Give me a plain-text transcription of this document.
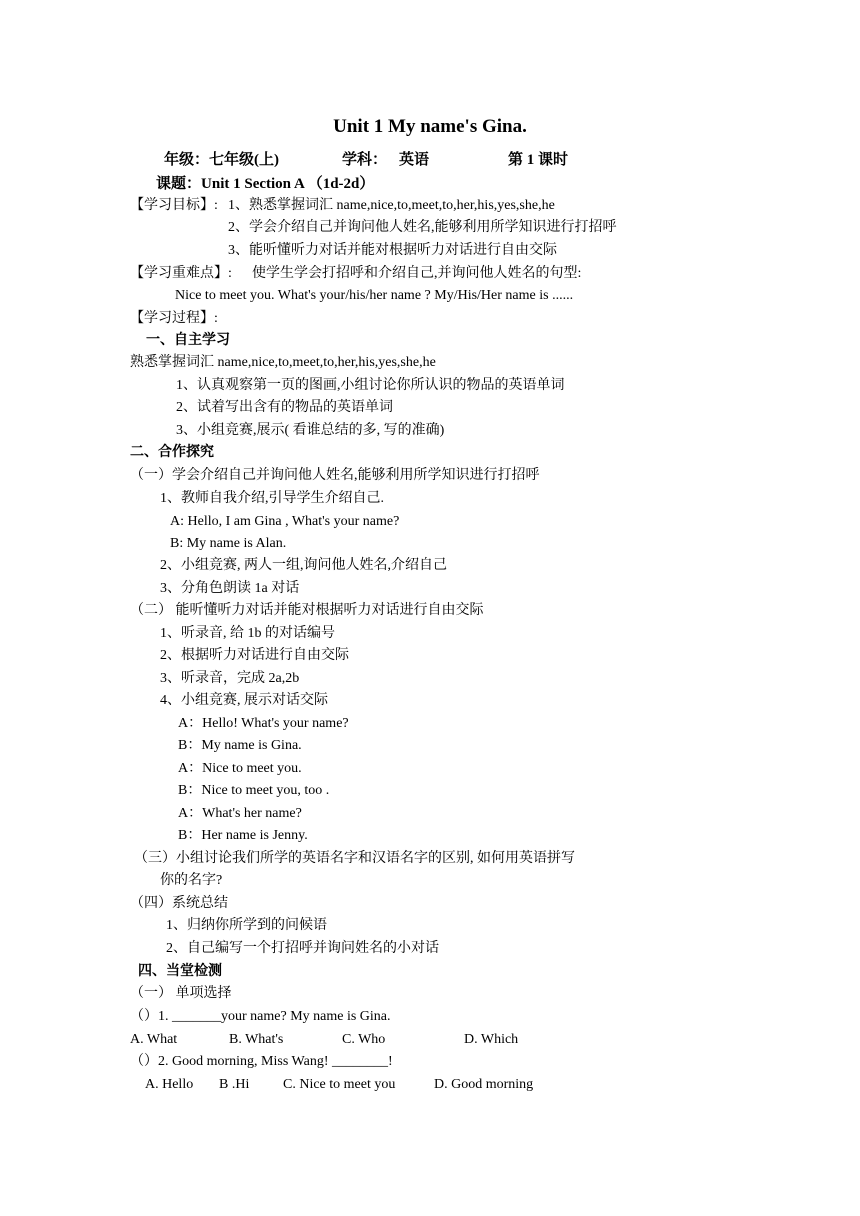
Unit 1 My name's Gina.
年级：七年级(上)	学科： 英语	第 1 课时
课题：Unit 1 Section A （1d-2d）
【学习目标】: 1、熟悉掌握词汇 name,nice,to,meet,to,her,his,yes,she,he
2、学会介绍自己并询问他人姓名,能够利用所学知识进行打招呼
3、能听懂听力对话并能对根据听力对话进行自由交际
【学习重难点】: 使学生学会打招呼和介绍自己,并询问他人姓名的句型:
Nice to meet you. What's your/his/her name ? My/His/Her name is ......
【学习过程】:
一、自主学习
熟悉掌握词汇 name,nice,to,meet,to,her,his,yes,she,he
1、认真观察第一页的图画,小组讨论你所认识的物品的英语单词
2、试着写出含有的物品的英语单词
3、小组竞赛,展示( 看谁总结的多, 写的准确)
二、合作探究
（一）学会介绍自己并询问他人姓名,能够利用所学知识进行打招呼
1、教师自我介绍,引导学生介绍自己.
A: Hello, I am Gina , What's your name?
B: My name is Alan.
2、小组竞赛, 两人一组,询问他人姓名,介绍自己
3、分角色朗读 1a 对话
（二） 能听懂听力对话并能对根据听力对话进行自由交际
1、听录音, 给 1b 的对话编号
2、根据听力对话进行自由交际
3、听录音，完成 2a,2b
4、小组竞赛, 展示对话交际
A：Hello! What's your name?
B：My name is Gina.
A：Nice to meet you.
B：Nice to meet you, too .
A：What's her name?
B：Her name is Jenny.
（三）小组讨论我们所学的英语名字和汉语名字的区别, 如何用英语拼写
你的名字?
（四）系统总结
1、归纳你所学到的问候语
2、自己编写一个打招呼并询问姓名的小对话
四、当堂检测
（一） 单项选择
（）1. _______your name? My name is Gina.
A. What	B. What's	C. Who	D. Which
（）2. Good morning, Miss Wang! ________!
A. Hello B .Hi C. Nice to meet you	D. Good morning
